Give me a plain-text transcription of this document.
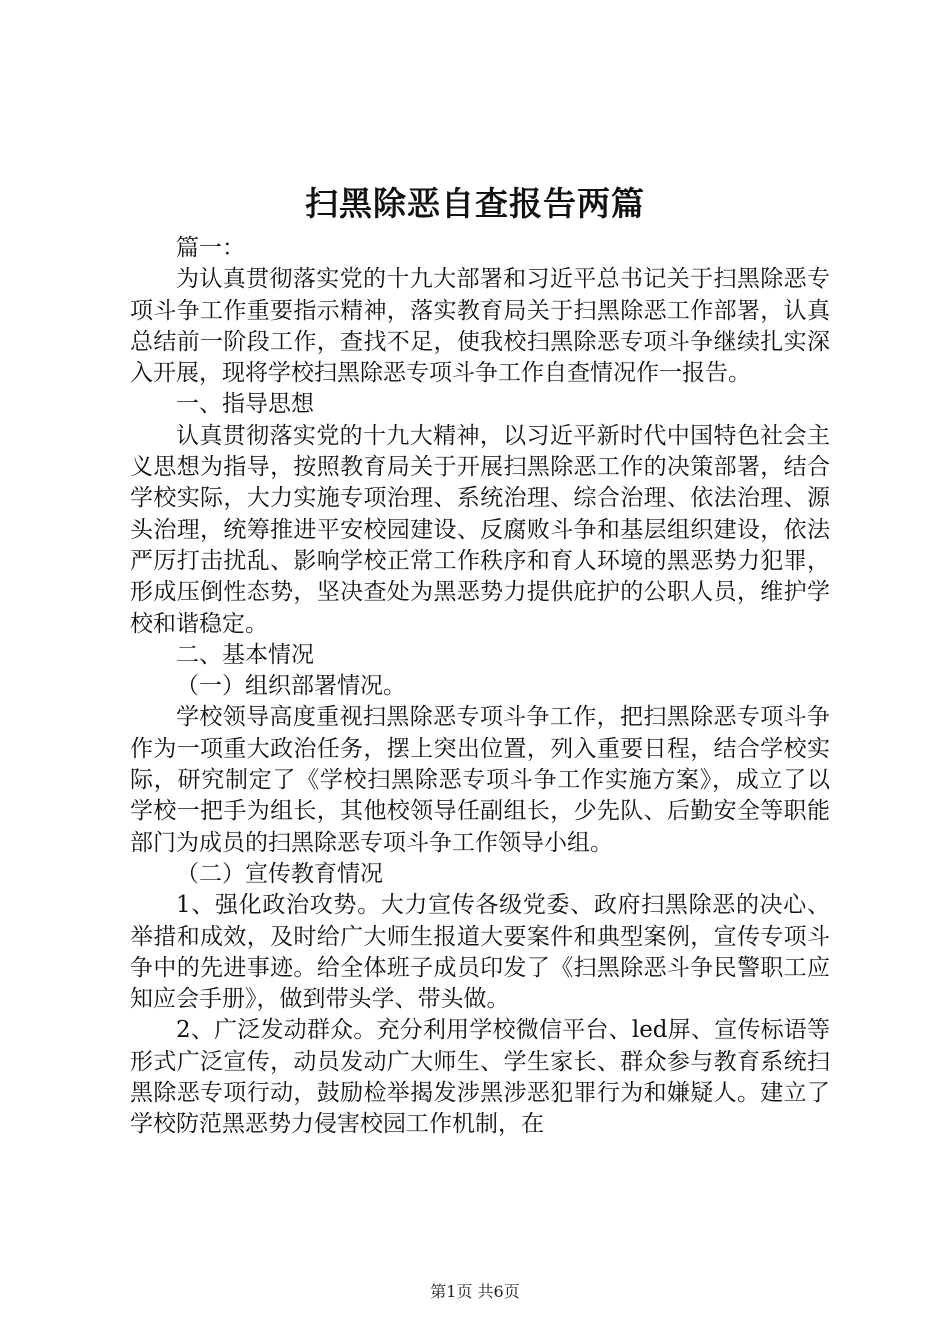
扫黑除恶自查报告两篇

篇一：

为认真贯彻落实党的十九大部署和习近平总书记关于扫黑除恶专项斗争工作重要指示精神，落实教育局关于扫黑除恶工作部署，认真总结前一阶段工作，查找不足，使我校扫黑除恶专项斗争继续扎实深入开展，现将学校扫黑除恶专项斗争工作自查情况作一报告。

一、指导思想

认真贯彻落实党的十九大精神，以习近平新时代中国特色社会主义思想为指导，按照教育局关于开展扫黑除恶工作的决策部署，结合学校实际，大力实施专项治理、系统治理、综合治理、依法治理、源头治理，统筹推进平安校园建设、反腐败斗争和基层组织建设，依法严厉打击扰乱、影响学校正常工作秩序和育人环境的黑恶势力犯罪，形成压倒性态势，坚决查处为黑恶势力提供庇护的公职人员，维护学校和谐稳定。

二、基本情况

（一）组织部署情况。

学校领导高度重视扫黑除恶专项斗争工作，把扫黑除恶专项斗争作为一项重大政治任务，摆上突出位置，列入重要日程，结合学校实际，研究制定了《学校扫黑除恶专项斗争工作实施方案》，成立了以学校一把手为组长，其他校领导任副组长，少先队、后勤安全等职能部门为成员的扫黑除恶专项斗争工作领导小组。

（二）宣传教育情况

1、强化政治攻势。大力宣传各级党委、政府扫黑除恶的决心、举措和成效，及时给广大师生报道大要案件和典型案例，宣传专项斗争中的先进事迹。给全体班子成员印发了《扫黑除恶斗争民警职工应知应会手册》，做到带头学、带头做。

2、广泛发动群众。充分利用学校微信平台、led屏、宣传标语等形式广泛宣传，动员发动广大师生、学生家长、群众参与教育系统扫黑除恶专项行动，鼓励检举揭发涉黑涉恶犯罪行为和嫌疑人。建立了学校防范黑恶势力侵害校园工作机制，在

第1页 共6页
